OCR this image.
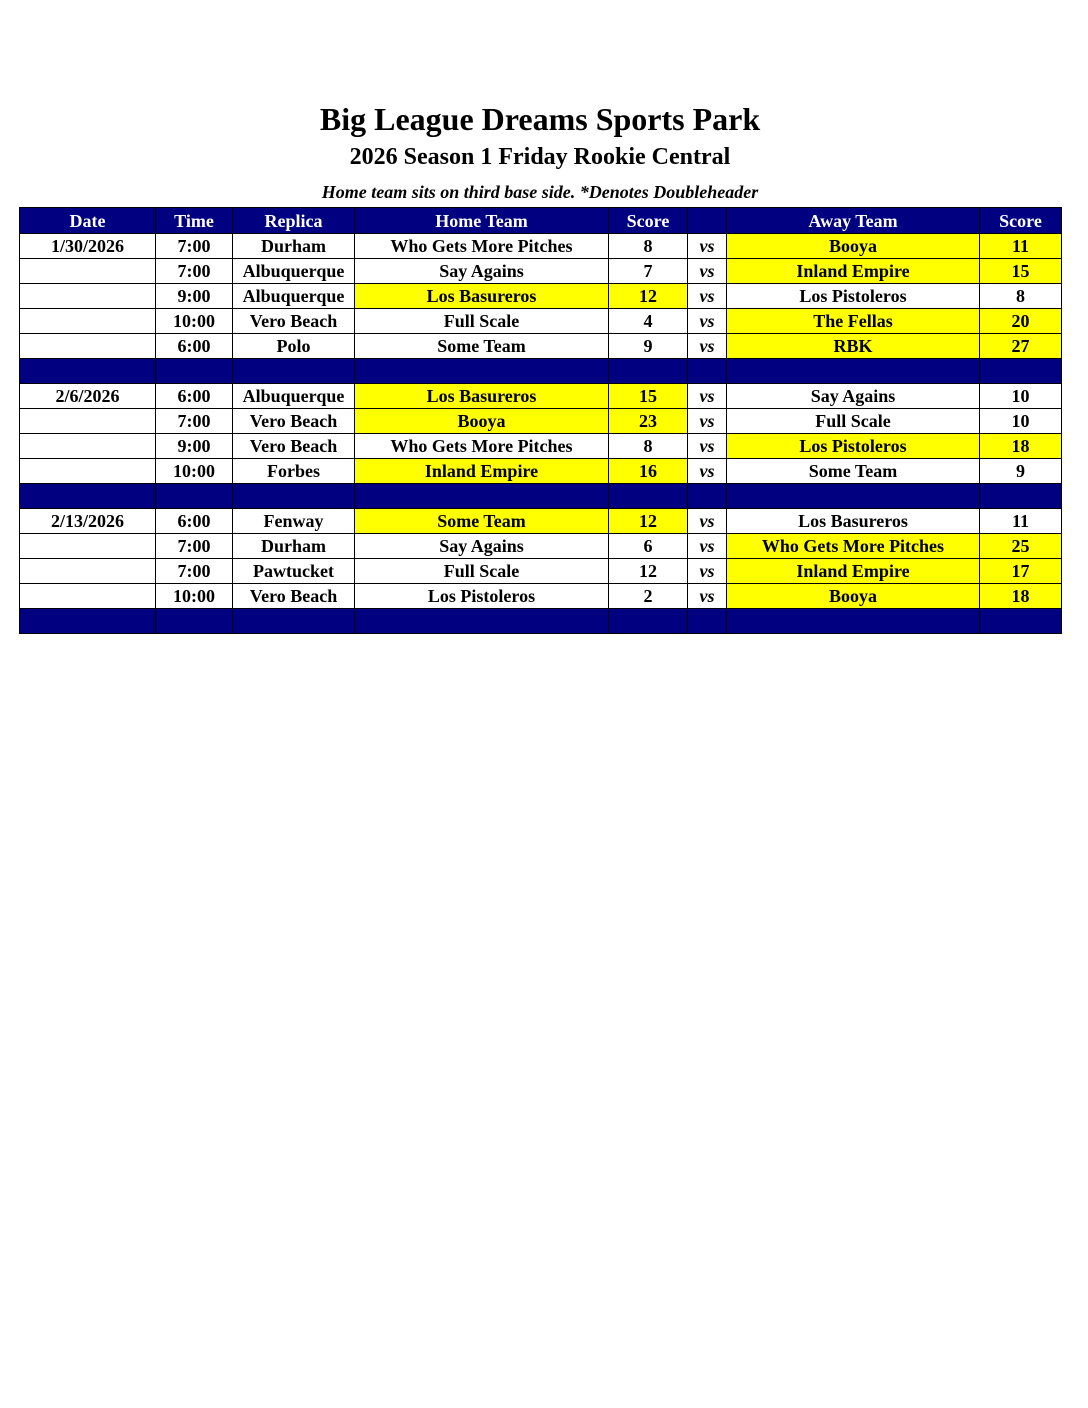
Big League Dreams Sports Park
2026 Season 1 Friday Rookie Central
Home team sits on third base side. *Denotes Doubleheader
Date	Time	Replica	Home Team	Score		Away Team	Score
1/30/2026	7:00	Durham	Who Gets More Pitches	8	vs	Booya	11
	7:00	Albuquerque	Say Agains	7	vs	Inland Empire	15
	9:00	Albuquerque	Los Basureros	12	vs	Los Pistoleros	8
	10:00	Vero Beach	Full Scale	4	vs	The Fellas	20
	6:00	Polo	Some Team	9	vs	RBK	27

2/6/2026	6:00	Albuquerque	Los Basureros	15	vs	Say Agains	10
	7:00	Vero Beach	Booya	23	vs	Full Scale	10
	9:00	Vero Beach	Who Gets More Pitches	8	vs	Los Pistoleros	18
	10:00	Forbes	Inland Empire	16	vs	Some Team	9

2/13/2026	6:00	Fenway	Some Team	12	vs	Los Basureros	11
	7:00	Durham	Say Agains	6	vs	Who Gets More Pitches	25
	7:00	Pawtucket	Full Scale	12	vs	Inland Empire	17
	10:00	Vero Beach	Los Pistoleros	2	vs	Booya	18
